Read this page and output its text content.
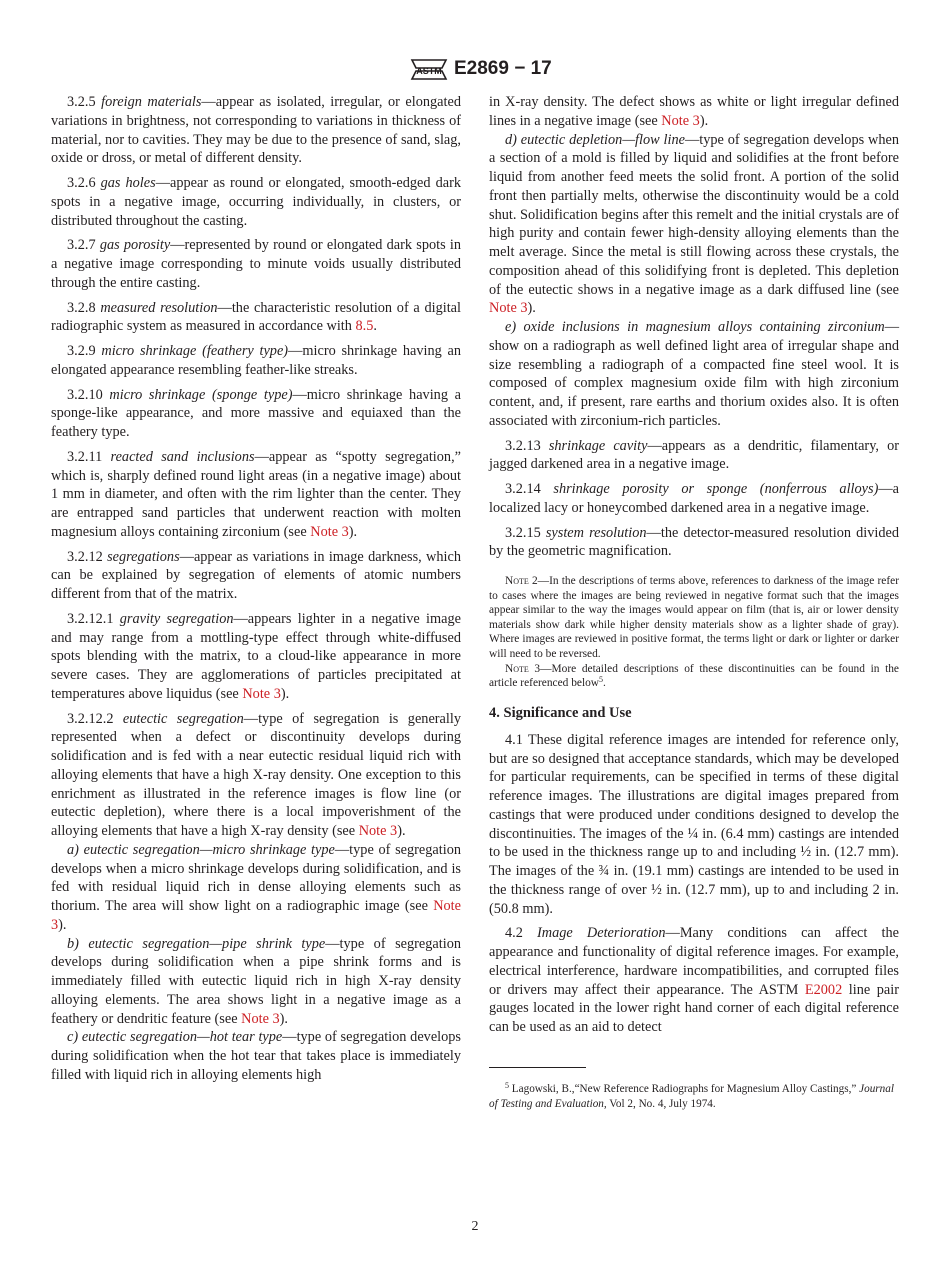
ASTM E2869 − 17

3.2.5 foreign materials—appear as isolated, irregular, or elongated variations in brightness, not corresponding to variations in thickness of material, nor to cavities. They may be due to the presence of sand, slag, oxide or dross, or metal of different density.

3.2.6 gas holes—appear as round or elongated, smooth-edged dark spots in a negative image, occurring individually, in clusters, or distributed throughout the casting.

3.2.7 gas porosity—represented by round or elongated dark spots in a negative image corresponding to minute voids usually distributed through the entire casting.

3.2.8 measured resolution—the characteristic resolution of a digital radiographic system as measured in accordance with 8.5.

3.2.9 micro shrinkage (feathery type)—micro shrinkage having an elongated appearance resembling feather-like streaks.

3.2.10 micro shrinkage (sponge type)—micro shrinkage having a sponge-like appearance, and more massive and equiaxed than the feathery type.

3.2.11 reacted sand inclusions—appear as “spotty segregation,” which is, sharply defined round light areas (in a negative image) about 1 mm in diameter, and often with the rim lighter than the center. They are entrapped sand particles that underwent reaction with molten magnesium alloys containing zirconium (see Note 3).

3.2.12 segregations—appear as variations in image darkness, which can be explained by segregation of elements of atomic numbers different from that of the matrix.

3.2.12.1 gravity segregation—appears lighter in a negative image and may range from a mottling-type effect through white-diffused spots blending with the matrix, to a cloud-like appearance in more severe cases. They are agglomerations of particles precipitated at temperatures above liquidus (see Note 3).

3.2.12.2 eutectic segregation—type of segregation is generally represented when a defect or discontinuity develops during solidification and is fed with a near eutectic residual liquid rich with alloying elements that have a high X-ray density. One exception to this enrichment as illustrated in the reference images is flow line (or eutectic depletion), where there is a local impoverishment of the alloying elements that have a high X-ray density (see Note 3).

a) eutectic segregation—micro shrinkage type—type of segregation develops when a micro shrinkage develops during solidification, and is fed with residual liquid rich in dense alloying elements such as thorium. The area will show light on a radiographic image (see Note 3).

b) eutectic segregation—pipe shrink type—type of segregation develops during solidification when a pipe shrink forms and is immediately filled with eutectic liquid rich in high X-ray density alloying elements. The area shows light in a negative image as a feathery or dendritic feature (see Note 3).

c) eutectic segregation—hot tear type—type of segregation develops during solidification when the hot tear that takes place is immediately filled with liquid rich in alloying elements high

in X-ray density. The defect shows as white or light irregular defined lines in a negative image (see Note 3).

d) eutectic depletion—flow line—type of segregation develops when a section of a mold is filled by liquid and solidifies at the front before liquid from another feed meets the solid front. A portion of the solid front then partially melts, otherwise the discontinuity would be a cold shut. Solidification begins after this remelt and the initial crystals are of high purity and contain fewer high-density alloying elements than the melt average. Since the metal is still flowing across these crystals, the composition ahead of this solidifying front is depleted. This depletion of the eutectic shows in a negative image as a dark diffused line (see Note 3).

e) oxide inclusions in magnesium alloys containing zirconium—show on a radiograph as well defined light area of irregular shape and size resembling a radiograph of a compacted fine steel wool. It is composed of complex magnesium oxide film with high zirconium content, and, if present, rare earths and thorium oxides also. It is often associated with zirconium-rich particles.

3.2.13 shrinkage cavity—appears as a dendritic, filamentary, or jagged darkened area in a negative image.

3.2.14 shrinkage porosity or sponge (nonferrous alloys)—a localized lacy or honeycombed darkened area in a negative image.

3.2.15 system resolution—the detector-measured resolution divided by the geometric magnification.

Note 2—In the descriptions of terms above, references to darkness of the image refer to cases where the images are being reviewed in negative format such that the images appear similar to the way the images would appear on film (that is, air or lower density materials show dark while higher density materials show as a lighter shade of gray). Where images are reviewed in positive format, the terms light or dark or lighter or darker will need to be reversed.

Note 3—More detailed descriptions of these discontinuities can be found in the article referenced below$^5$.

4. Significance and Use

4.1 These digital reference images are intended for reference only, but are so designed that acceptance standards, which may be developed for particular requirements, can be specified in terms of these digital reference images. The illustrations are digital images prepared from castings that were produced under conditions designed to develop the discontinuities. The images of the ¼ in. (6.4 mm) castings are intended to be used in the thickness range up to and including ½ in. (12.7 mm). The images of the ¾ in. (19.1 mm) castings are intended to be used in the thickness range of over ½ in. (12.7 mm), up to and including 2 in. (50.8 mm).

4.2 Image Deterioration—Many conditions can affect the appearance and functionality of digital reference images. For example, electrical interference, hardware incompatibilities, and corrupted files or drivers may affect their appearance. The ASTM E2002 line pair gauges located in the lower right hand corner of each digital reference can be used as an aid to detect

$^5$ Lagowski, B.,“New Reference Radiographs for Magnesium Alloy Castings,” Journal of Testing and Evaluation, Vol 2, No. 4, July 1974.

2
